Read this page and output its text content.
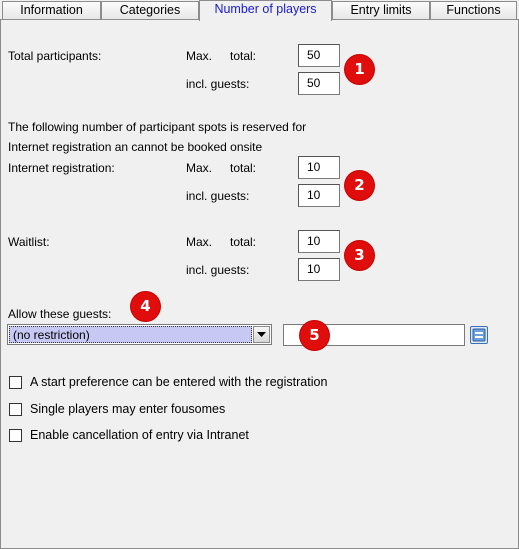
Information	Categories	Number of players	Entry limits	Functions
Total participants:	Max. total:	50
incl. guests:	50
1
The following number of participant spots is reserved for
Internet registration an cannot be booked onsite
Internet registration:	Max. total:	10
incl. guests:	10
2
Waitlist:	Max. total:	10
incl. guests:	10
3
Allow these guests:	4
(no restriction)	5
A start preference can be entered with the registration
Single players may enter fousomes
Enable cancellation of entry via Intranet
